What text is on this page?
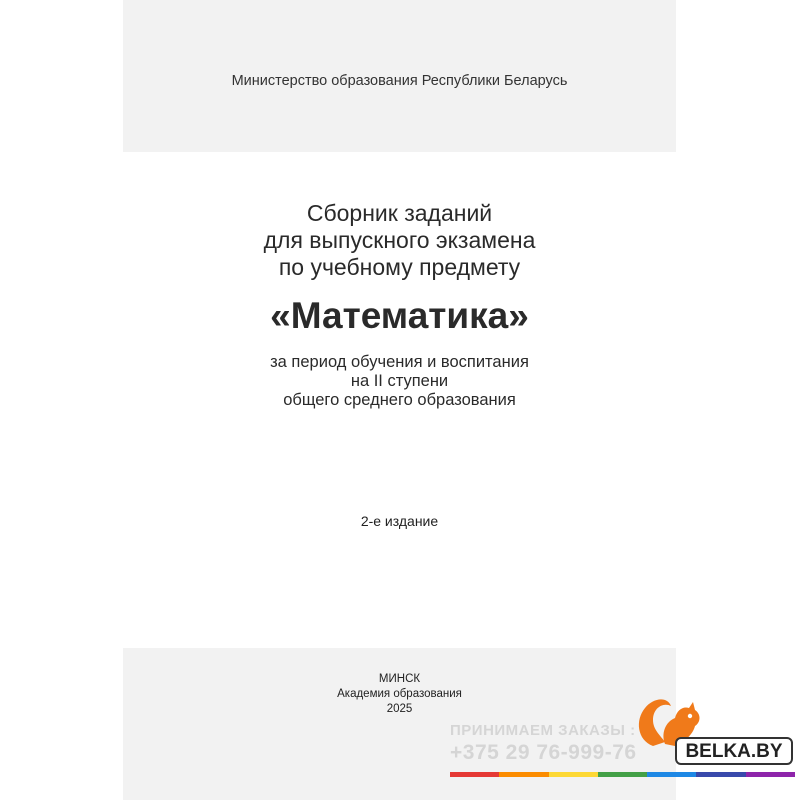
Министерство образования Республики Беларусь
Сборник заданий
для выпускного экзамена
по учебному предмету
«Математика»
за период обучения и воспитания
на II ступени
общего среднего образования
2-е издание
МИНСК
Академия образования
2025
ПРИНИМАЕМ ЗАКАЗЫ :
+375 29 76-999-76	BELKA.BY
